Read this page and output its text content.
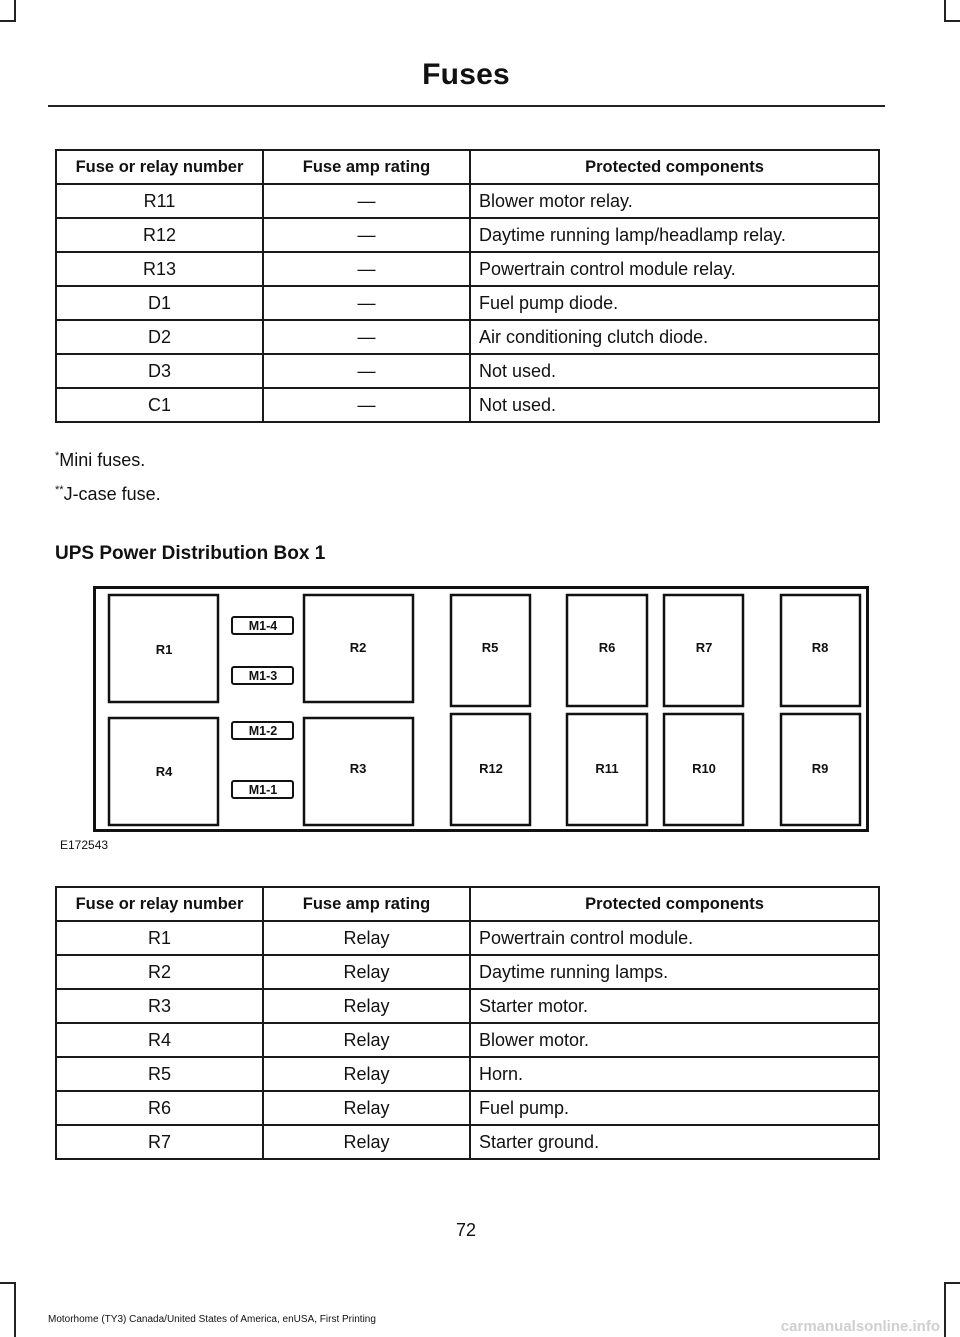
Fuses
Fuse or relay number	Fuse amp rating	Protected components
R11	—	Blower motor relay.
R12	—	Daytime running lamp/headlamp relay.
R13	—	Powertrain control module relay.
D1	—	Fuel pump diode.
D2	—	Air conditioning clutch diode.
D3	—	Not used.
C1	—	Not used.
*Mini fuses.
**J-case fuse.
UPS Power Distribution Box 1
R1	R2	R5	R6	R7	R8
R4	R3	R12	R11	R10	R9
M1-4
M1-3
M1-2
M1-1
E172543
Fuse or relay number	Fuse amp rating	Protected components
R1	Relay	Powertrain control module.
R2	Relay	Daytime running lamps.
R3	Relay	Starter motor.
R4	Relay	Blower motor.
R5	Relay	Horn.
R6	Relay	Fuel pump.
R7	Relay	Starter ground.
72
Motorhome (TY3) Canada/United States of America, enUSA, First Printing	carmanualsonline.info
